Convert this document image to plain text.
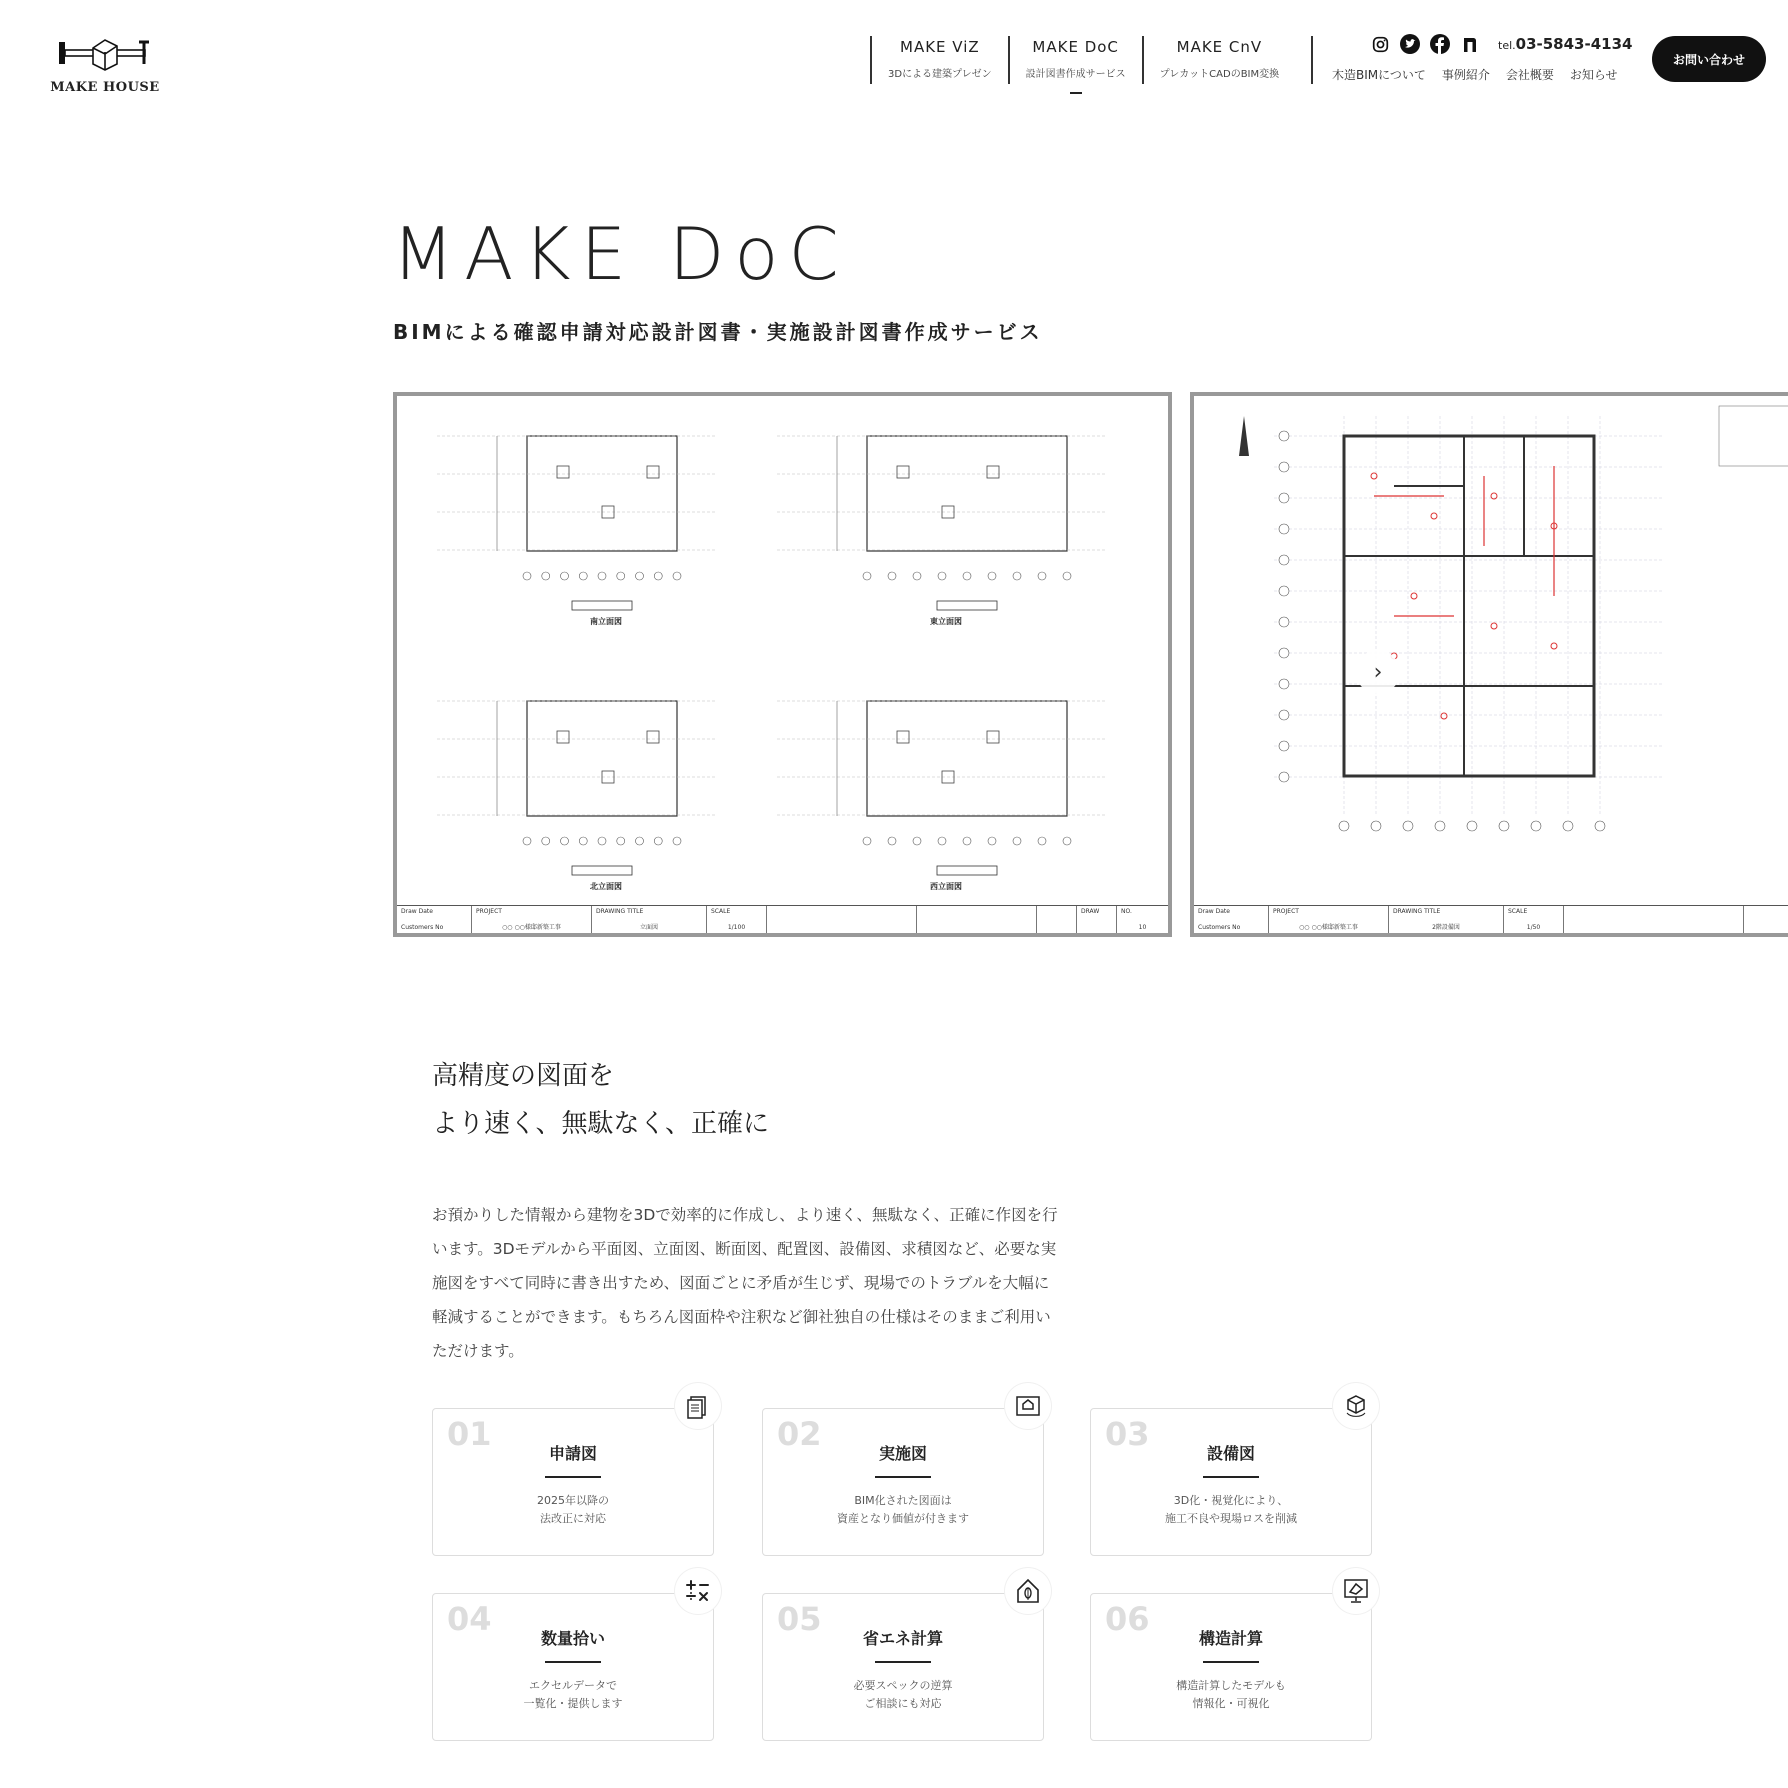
MAKE HOUSE
MAKE ViZ
3Dによる建築プレゼン
MAKE DoC
設計図書作成サービス
MAKE CnV
プレカットCADのBIM変換
tel.03-5843-4134
木造BIMについて 事例紹介 会社概要 お知らせ
お問い合わせ
MAKE DoC
BIMによる確認申請対応設計図書・実施設計図書作成サービス
Draw Date
Customers No
PROJECT
○○ ○○様邸新築工事
DRAWING TITLE
立面図
SCALE
1/100
DRAW	NO.
10
南立面図	東立面図
北立面図	西立面図
Draw Date
Customers No
PROJECT
○○ ○○様邸新築工事
DRAWING TITLE
2階設備図
SCALE
1/50
›
高精度の図面を
より速く、無駄なく、正確に
お預かりした情報から建物を3Dで効率的に作成し、より速く、無駄なく、正確に作図を行います。3Dモデルから平面図、立面図、断面図、配置図、設備図、求積図など、必要な実施図をすべて同時に書き出すため、図面ごとに矛盾が生じず、現場でのトラブルを大幅に軽減することができます。もちろん図面枠や注釈など御社独自の仕様はそのままご利用いただけます。
01
申請図
2025年以降の
法改正に対応
02
実施図
BIM化された図面は
資産となり価値が付きます
03
設備図
3D化・視覚化により、
施工不良や現場ロスを削減
04
数量拾い
エクセルデータで
一覧化・提供します
05
省エネ計算
必要スペックの逆算
ご相談にも対応
06
構造計算
構造計算したモデルも
情報化・可視化
